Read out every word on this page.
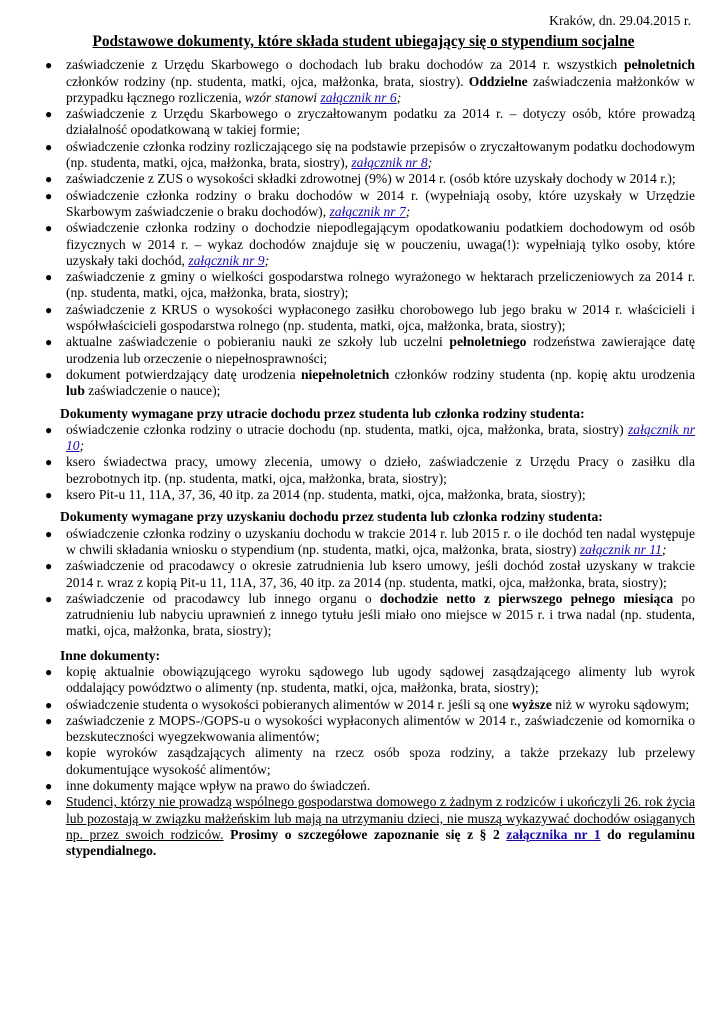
Kraków, dn. 29.04.2015 r.
Podstawowe dokumenty, które składa student ubiegający się o stypendium socjalne
● zaświadczenie z Urzędu Skarbowego o dochodach lub braku dochodów za 2014 r. wszystkich pełnoletnich członków rodziny (np. studenta, matki, ojca, małżonka, brata, siostry). Oddzielne zaświadczenia małżonków w przypadku łącznego rozliczenia, wzór stanowi załącznik nr 6;
● zaświadczenie z Urzędu Skarbowego o zryczałtowanym podatku za 2014 r. – dotyczy osób, które prowadzą działalność opodatkowaną w takiej formie;
● oświadczenie członka rodziny rozliczającego się na podstawie przepisów o zryczałtowanym podatku dochodowym (np. studenta, matki, ojca, małżonka, brata, siostry), załącznik nr 8;
● zaświadczenie z ZUS o wysokości składki zdrowotnej (9%) w 2014 r. (osób które uzyskały dochody w 2014 r.);
● oświadczenie członka rodziny o braku dochodów w 2014 r. (wypełniają osoby, które uzyskały w Urzędzie Skarbowym zaświadczenie o braku dochodów), załącznik nr 7;
● oświadczenie członka rodziny o dochodzie niepodlegającym opodatkowaniu podatkiem dochodowym od osób fizycznych w 2014 r. – wykaz dochodów znajduje się w pouczeniu, uwaga(!): wypełniają tylko osoby, które uzyskały taki dochód, załącznik nr 9;
● zaświadczenie z gminy o wielkości gospodarstwa rolnego wyrażonego w hektarach przeliczeniowych za 2014 r. (np. studenta, matki, ojca, małżonka, brata, siostry);
● zaświadczenie z KRUS o wysokości wypłaconego zasiłku chorobowego lub jego braku w 2014 r. właścicieli i współwłaścicieli gospodarstwa rolnego (np. studenta, matki, ojca, małżonka, brata, siostry);
● aktualne zaświadczenie o pobieraniu nauki ze szkoły lub uczelni pełnoletniego rodzeństwa zawierające datę urodzenia lub orzeczenie o niepełnosprawności;
● dokument potwierdzający datę urodzenia niepełnoletnich członków rodziny studenta (np. kopię aktu urodzenia lub zaświadczenie o nauce);
Dokumenty wymagane przy utracie dochodu przez studenta lub członka rodziny studenta:
● oświadczenie członka rodziny o utracie dochodu (np. studenta, matki, ojca, małżonka, brata, siostry) załącznik nr 10;
● ksero świadectwa pracy, umowy zlecenia, umowy o dzieło, zaświadczenie z Urzędu Pracy o zasiłku dla bezrobotnych itp. (np. studenta, matki, ojca, małżonka, brata, siostry);
● ksero Pit-u 11, 11A, 37, 36, 40 itp. za 2014 (np. studenta, matki, ojca, małżonka, brata, siostry);
Dokumenty wymagane przy uzyskaniu dochodu przez studenta lub członka rodziny studenta:
● oświadczenie członka rodziny o uzyskaniu dochodu w trakcie 2014 r. lub 2015 r. o ile dochód ten nadal występuje w chwili składania wniosku o stypendium (np. studenta, matki, ojca, małżonka, brata, siostry) załącznik nr 11;
● zaświadczenie od pracodawcy o okresie zatrudnienia lub ksero umowy, jeśli dochód został uzyskany w trakcie 2014 r. wraz z kopią Pit-u 11, 11A, 37, 36, 40 itp. za 2014 (np. studenta, matki, ojca, małżonka, brata, siostry);
● zaświadczenie od pracodawcy lub innego organu o dochodzie netto z pierwszego pełnego miesiąca po zatrudnieniu lub nabyciu uprawnień z innego tytułu jeśli miało ono miejsce w 2015 r. i trwa nadal (np. studenta, matki, ojca, małżonka, brata, siostry);
Inne dokumenty:
● kopię aktualnie obowiązującego wyroku sądowego lub ugody sądowej zasądzającego alimenty lub wyrok oddalający powództwo o alimenty (np. studenta, matki, ojca, małżonka, brata, siostry);
● oświadczenie studenta o wysokości pobieranych alimentów w 2014 r. jeśli są one wyższe niż w wyroku sądowym;
● zaświadczenie z MOPS-/GOPS-u o wysokości wypłaconych alimentów w 2014 r., zaświadczenie od komornika o bezskuteczności wyegzekwowania alimentów;
● kopie wyroków zasądzających alimenty na rzecz osób spoza rodziny, a także przekazy lub przelewy dokumentujące wysokość alimentów;
● inne dokumenty mające wpływ na prawo do świadczeń.
● Studenci, którzy nie prowadzą wspólnego gospodarstwa domowego z żadnym z rodziców i ukończyli 26. rok życia lub pozostają w związku małżeńskim lub mają na utrzymaniu dzieci, nie muszą wykazywać dochodów osiąganych np. przez swoich rodziców. Prosimy o szczegółowe zapoznanie się z § 2 załącznika nr 1 do regulaminu stypendialnego.
